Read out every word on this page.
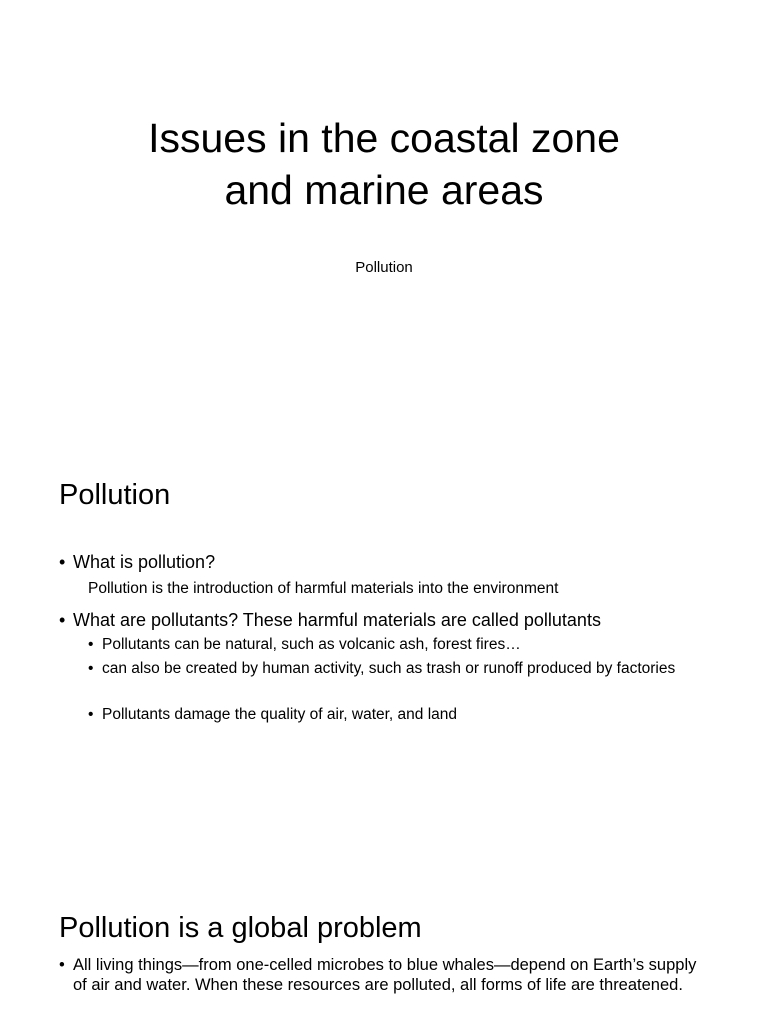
Issues in the coastal zone
and marine areas
Pollution
Pollution
• What is pollution?
Pollution is the introduction of harmful materials into the environment
• What are pollutants? These harmful materials are called pollutants
• Pollutants can be natural, such as volcanic ash, forest fires…
• can also be created by human activity, such as trash or runoff produced by factories
• Pollutants damage the quality of air, water, and land
Pollution is a global problem
• All living things—from one-celled microbes to blue whales—depend on Earth’s supply of air and water. When these resources are polluted, all forms of life are threatened.
